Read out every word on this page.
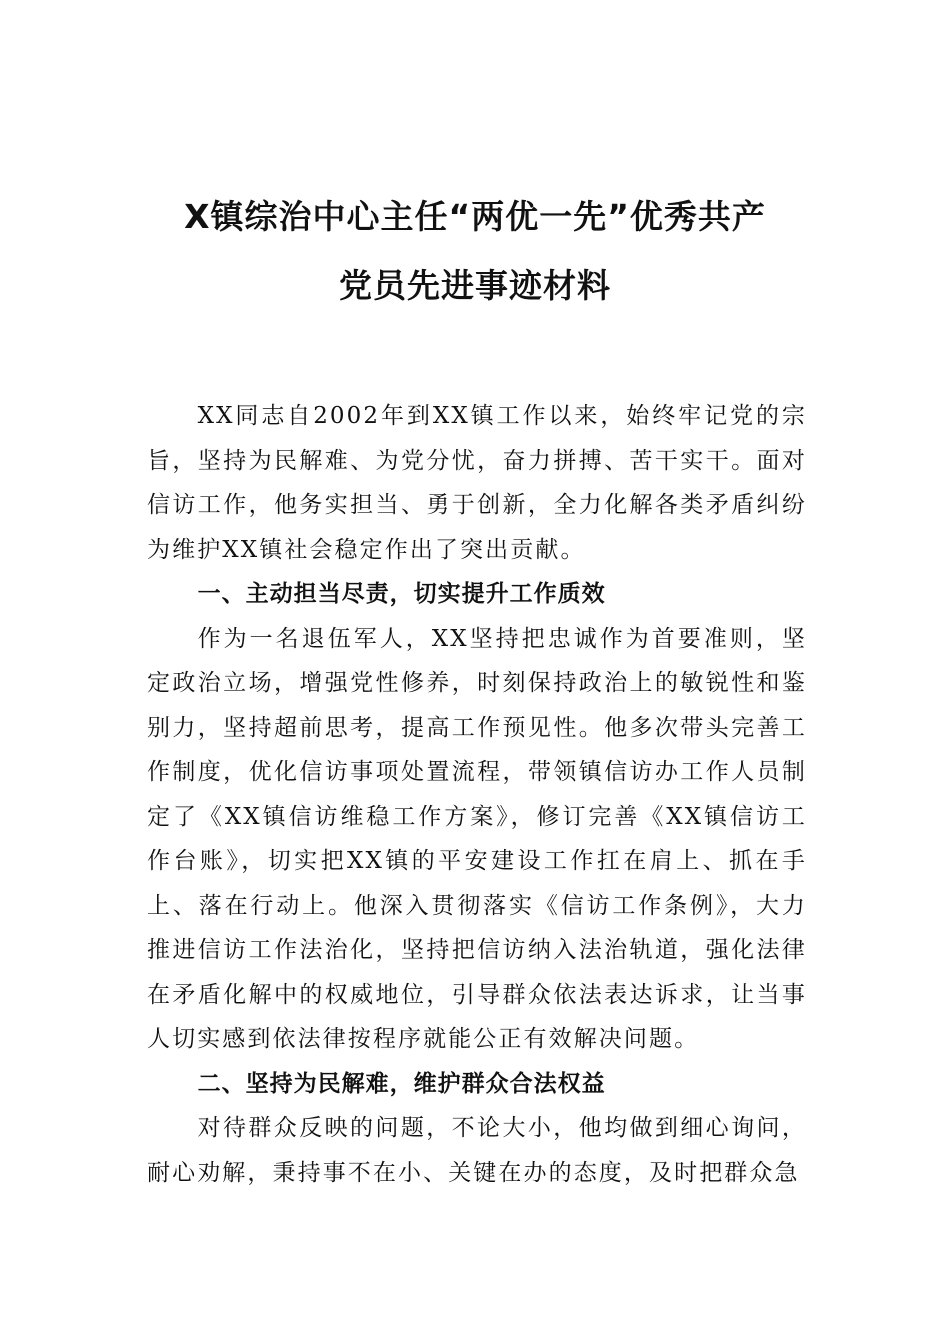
X镇综治中心主任“两优一先”优秀共产
党员先进事迹材料

XX同志自2002年到XX镇工作以来，始终牢记党的宗旨，坚持为民解难、为党分忧，奋力拼搏、苦干实干。面对信访工作，他务实担当、勇于创新，全力化解各类矛盾纠纷为维护XX镇社会稳定作出了突出贡献。

一、主动担当尽责，切实提升工作质效

作为一名退伍军人，XX坚持把忠诚作为首要准则，坚定政治立场，增强党性修养，时刻保持政治上的敏锐性和鉴别力，坚持超前思考，提高工作预见性。他多次带头完善工作制度，优化信访事项处置流程，带领镇信访办工作人员制定了《XX镇信访维稳工作方案》，修订完善《XX镇信访工作台账》，切实把XX镇的平安建设工作扛在肩上、抓在手上、落在行动上。他深入贯彻落实《信访工作条例》，大力推进信访工作法治化，坚持把信访纳入法治轨道，强化法律在矛盾化解中的权威地位，引导群众依法表达诉求，让当事人切实感到依法律按程序就能公正有效解决问题。

二、坚持为民解难，维护群众合法权益

对待群众反映的问题，不论大小，他均做到细心询问，耐心劝解，秉持事不在小、关键在办的态度，及时把群众急
